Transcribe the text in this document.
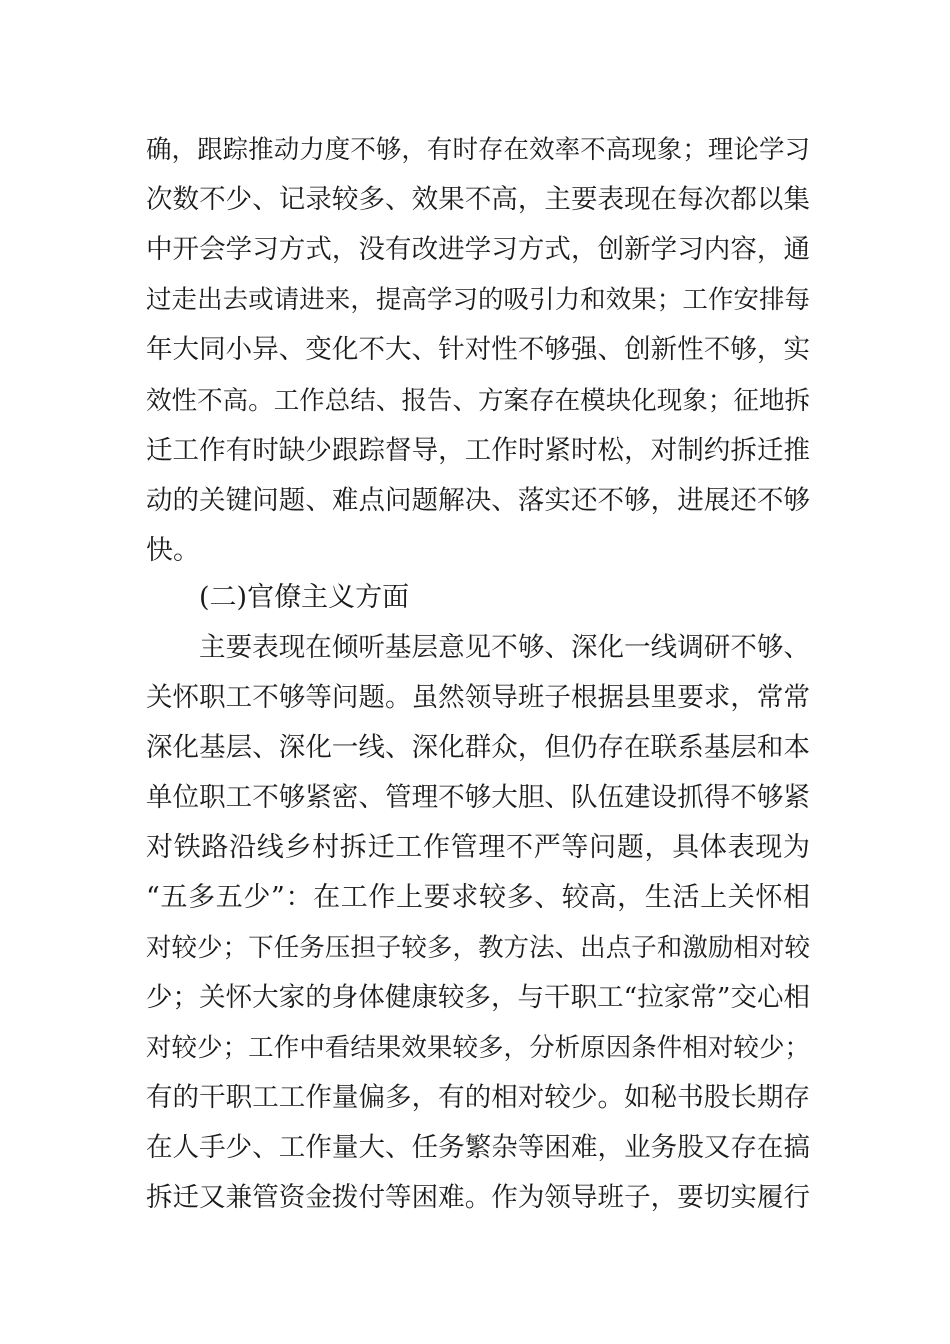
确，跟踪推动力度不够，有时存在效率不高现象；理论学习
次数不少、记录较多、效果不高，主要表现在每次都以集
中开会学习方式，没有改进学习方式，创新学习内容，通
过走出去或请进来，提高学习的吸引力和效果；工作安排每
年大同小异、变化不大、针对性不够强、创新性不够，实
效性不高。工作总结、报告、方案存在模块化现象；征地拆
迁工作有时缺少跟踪督导，工作时紧时松，对制约拆迁推
动的关键问题、难点问题解决、落实还不够，进展还不够
快。
(二)官僚主义方面
主要表现在倾听基层意见不够、深化一线调研不够、
关怀职工不够等问题。虽然领导班子根据县里要求，常常
深化基层、深化一线、深化群众，但仍存在联系基层和本
单位职工不够紧密、管理不够大胆、队伍建设抓得不够紧
对铁路沿线乡村拆迁工作管理不严等问题，具体表现为
“五多五少”：在工作上要求较多、较高，生活上关怀相
对较少；下任务压担子较多，教方法、出点子和激励相对较
少；关怀大家的身体健康较多，与干职工“拉家常”交心相
对较少；工作中看结果效果较多，分析原因条件相对较少；
有的干职工工作量偏多，有的相对较少。如秘书股长期存
在人手少、工作量大、任务繁杂等困难，业务股又存在搞
拆迁又兼管资金拨付等困难。作为领导班子，要切实履行
